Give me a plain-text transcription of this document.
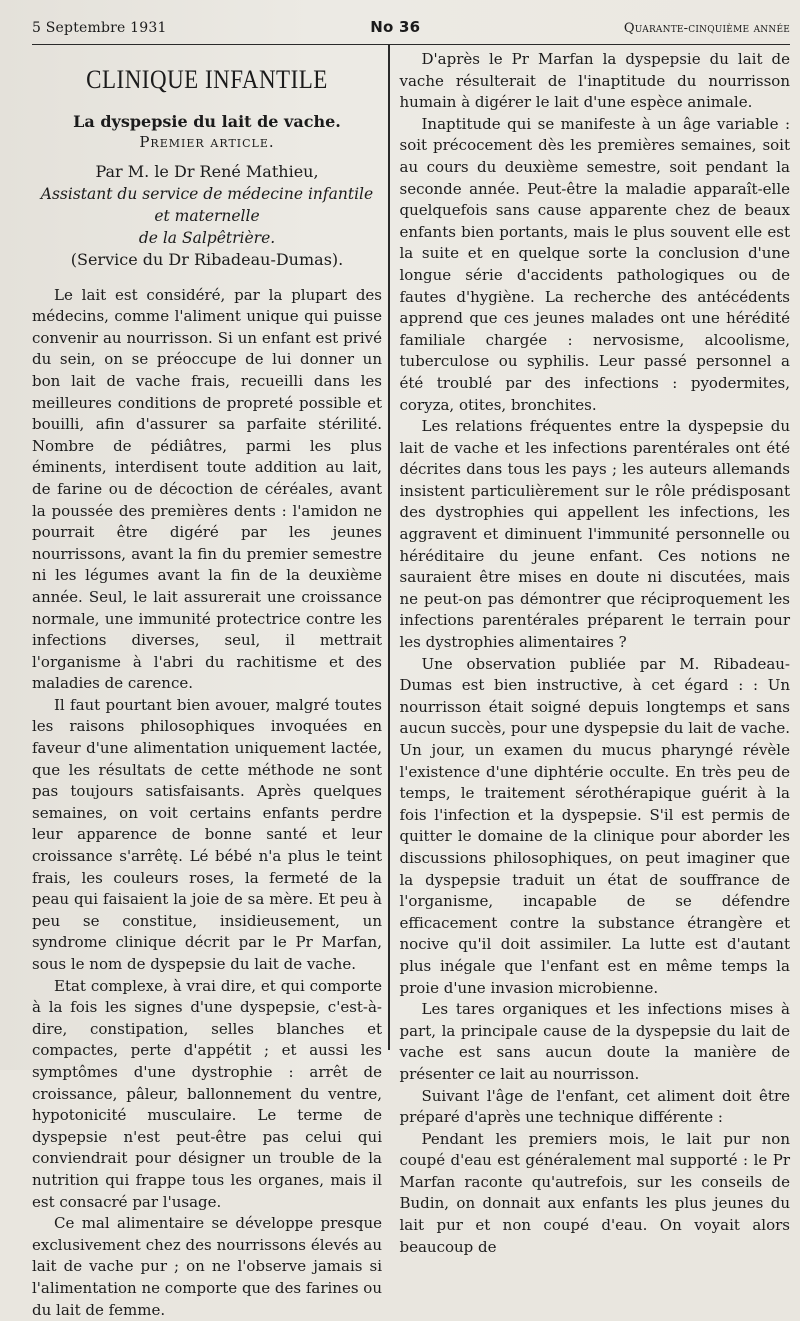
5 Septembre 1931	No 36	Quarante-cinquième année
CLINIQUE INFANTILE

La dyspepsie du lait de vache.

Premier article.

Par M. le Dr René Mathieu,

Assistant du service de médecine infantile et maternelle
de la Salpêtrière.

(Service du Dr Ribadeau-Dumas).

Le lait est considéré, par la plupart des médecins, comme l'aliment unique qui puisse convenir au nourrisson. Si un enfant est privé du sein, on se préoccupe de lui donner un bon lait de vache frais, recueilli dans les meilleures conditions de propreté possible et bouilli, afin d'assurer sa parfaite stérilité. Nombre de pédiâtres, parmi les plus éminents, interdisent toute addition au lait, de farine ou de décoction de céréales, avant la poussée des premières dents : l'amidon ne pourrait être digéré par les jeunes nourrissons, avant la fin du premier semestre ni les légumes avant la fin de la deuxième année. Seul, le lait assurerait une croissance normale, une immunité protectrice contre les infections diverses, seul, il mettrait l'organisme à l'abri du rachitisme et des maladies de carence.

Il faut pourtant bien avouer, malgré toutes les raisons philosophiques invoquées en faveur d'une alimentation uniquement lactée, que les résultats de cette méthode ne sont pas toujours satisfaisants. Après quelques semaines, on voit certains enfants perdre leur apparence de bonne santé et leur croissance s'arrêtę. Lé bébé n'a plus le teint frais, les couleurs roses, la fermeté de la peau qui faisaient la joie de sa mère. Et peu à peu se constitue, insidieusement, un syndrome clinique décrit par le Pr Marfan, sous le nom de dyspepsie du lait de vache.

Etat complexe, à vrai dire, et qui comporte à la fois les signes d'une dyspepsie, c'est-à-dire, constipation, selles blanches et compactes, perte d'appétit ; et aussi les symptômes d'une dystrophie : arrêt de croissance, pâleur, ballonnement du ventre, hypotonicité musculaire. Le terme de dyspepsie n'est peut-être pas celui qui conviendrait pour désigner un trouble de la nutrition qui frappe tous les organes, mais il est consacré par l'usage.

Ce mal alimentaire se développe presque exclusivement chez des nourrissons élevés au lait de vache pur ; on ne l'observe jamais si l'alimentation ne comporte que des farines ou du lait de femme.

D'après le Pr Marfan la dyspepsie du lait de vache résulterait de l'inaptitude du nourrisson humain à digérer le lait d'une espèce animale.

Inaptitude qui se manifeste à un âge variable : soit précocement dès les premières semaines, soit au cours du deuxième semestre, soit pendant la seconde année. Peut-être la maladie apparaît-elle quelquefois sans cause apparente chez de beaux enfants bien portants, mais le plus souvent elle est la suite et en quelque sorte la conclusion d'une longue série d'accidents pathologiques ou de fautes d'hygiène. La recherche des antécédents apprend que ces jeunes malades ont une hérédité familiale chargée : nervosisme, alcoolisme, tuberculose ou syphilis. Leur passé personnel a été troublé par des infections : pyodermites, coryza, otites, bronchites.

Les relations fréquentes entre la dyspepsie du lait de vache et les infections parentérales ont été décrites dans tous les pays ; les auteurs allemands insistent particulièrement sur le rôle prédisposant des dystrophies qui appellent les infections, les aggravent et diminuent l'immunité personnelle ou héréditaire du jeune enfant. Ces notions ne sauraient être mises en doute ni discutées, mais ne peut-on pas démontrer que réciproquement les infections parentérales préparent le terrain pour les dystrophies alimentaires ?

Une observation publiée par M. Ribadeau-Dumas est bien instructive, à cet égard : : Un nourrisson était soigné depuis longtemps et sans aucun succès, pour une dyspepsie du lait de vache. Un jour, un examen du mucus pharyngé révèle l'existence d'une diphtérie occulte. En très peu de temps, le traitement sérothérapique guérit à la fois l'infection et la dyspepsie. S'il est permis de quitter le domaine de la clinique pour aborder les discussions philosophiques, on peut imaginer que la dyspepsie traduit un état de souffrance de l'organisme, incapable de se défendre efficacement contre la substance étrangère et nocive qu'il doit assimiler. La lutte est d'autant plus inégale que l'enfant est en même temps la proie d'une invasion microbienne.

Les tares organiques et les infections mises à part, la principale cause de la dyspepsie du lait de vache est sans aucun doute la manière de présenter ce lait au nourrisson.

Suivant l'âge de l'enfant, cet aliment doit être préparé d'après une technique différente :

Pendant les premiers mois, le lait pur non coupé d'eau est généralement mal supporté : le Pr Marfan raconte qu'autrefois, sur les conseils de Budin, on donnait aux enfants les plus jeunes du lait pur et non coupé d'eau. On voyait alors beaucoup de
